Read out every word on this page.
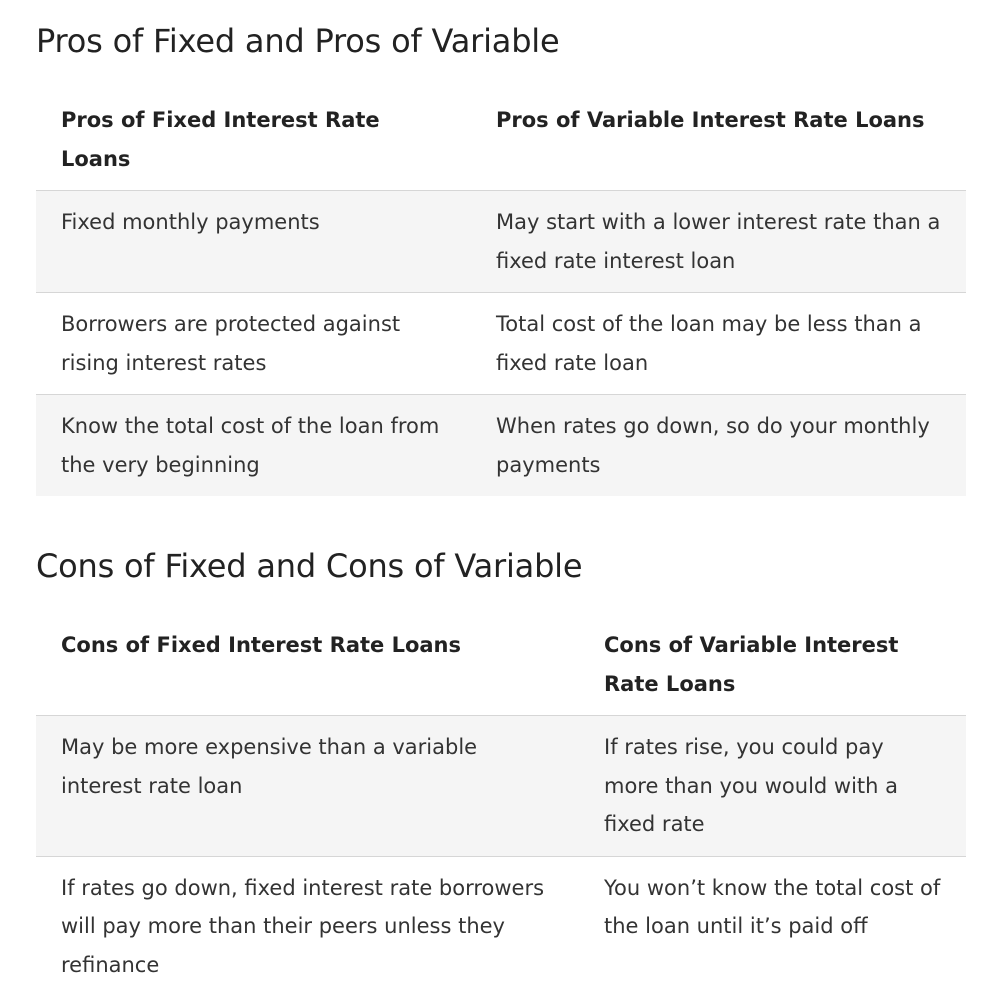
Pros of Fixed and Pros of Variable
Pros of Fixed Interest Rate Loans	Pros of Variable Interest Rate Loans
Fixed monthly payments	May start with a lower interest rate than a fixed rate interest loan
Borrowers are protected against rising interest rates	Total cost of the loan may be less than a fixed rate loan
Know the total cost of the loan from the very beginning	When rates go down, so do your monthly payments
Cons of Fixed and Cons of Variable
Cons of Fixed Interest Rate Loans	Cons of Variable Interest Rate Loans
May be more expensive than a variable interest rate loan	If rates rise, you could pay more than you would with a fixed rate
If rates go down, fixed interest rate borrowers will pay more than their peers unless they refinance	You won’t know the total cost of the loan until it’s paid off
